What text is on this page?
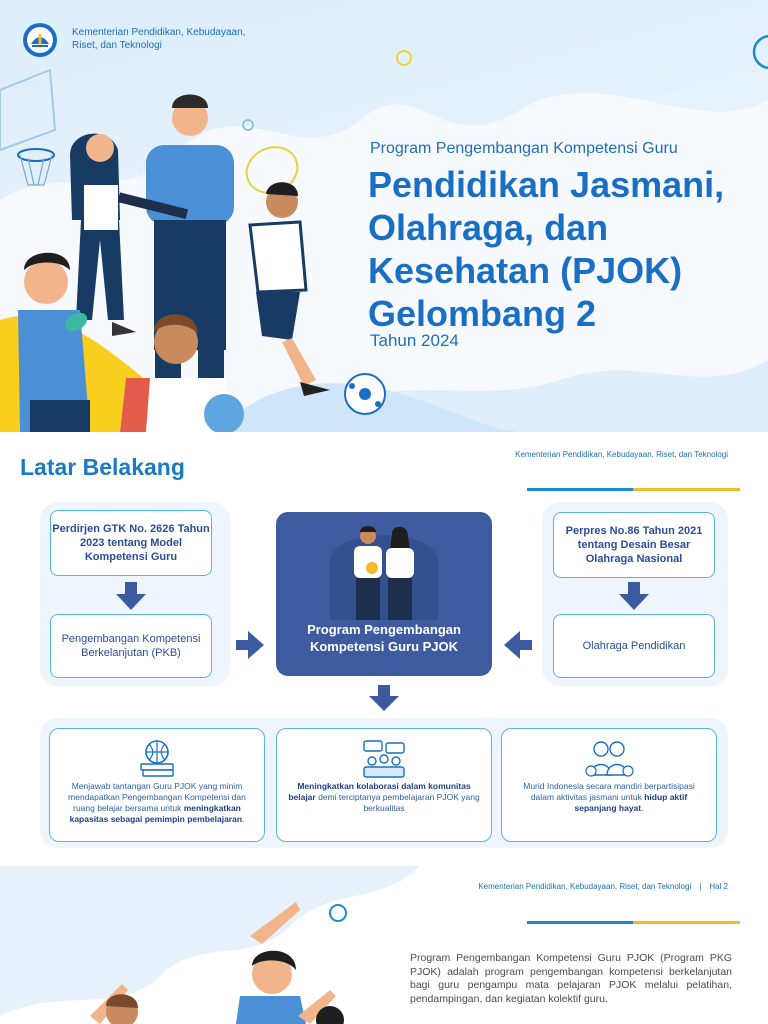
Kementerian Pendidikan, Kebudayaan, Riset, dan Teknologi
Program Pengembangan Kompetensi Guru
Pendidikan Jasmani,
Olahraga, dan
Kesehatan (PJOK)
Gelombang 2
Tahun 2024
Latar Belakang	Kementerian Pendidikan, Kebudayaan, Riset, dan Teknologi
Perdirjen GTK No. 2626 Tahun 2023 tentang Model Kompetensi Guru
Pengembangan Kompetensi Berkelanjutan (PKB)
Perpres No.86 Tahun 2021 tentang Desain Besar Olahraga Nasional
Olahraga Pendidikan
Program Pengembangan Kompetensi Guru PJOK
Menjawab tantangan Guru PJOK yang minim mendapatkan Pengembangan Kompetensi dan ruang belajar bersama untuk meningkatkan kapasitas sebagai pemimpin pembelajaran.
Meningkatkan kolaborasi dalam komunitas belajar demi terciptanya pembelajaran PJOK yang berkualitas
Murid Indonesia secara mandiri berpartisipasi dalam aktivitas jasmani untuk hidup aktif sepanjang hayat.
Kementerian Pendidikan, Kebudayaan, Riset, dan Teknologi | Hal 2

Program Pengembangan Kompetensi Guru PJOK (Program PKG PJOK) adalah program pengembangan kompetensi berkelanjutan bagi guru pengampu mata pelajaran PJOK melalui pelatihan, pendampingan, dan kegiatan kolektif guru.
